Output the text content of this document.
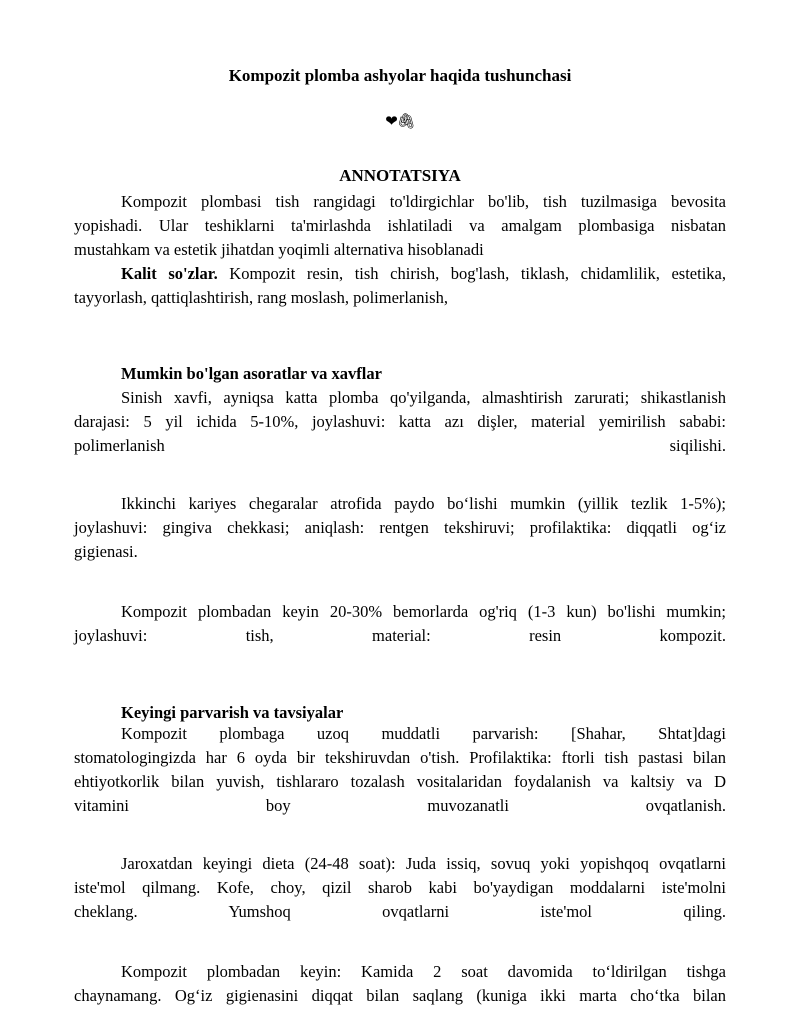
Kompozit plomba ashyolar haqida tushunchasi
❤🖇
ANNOTATSIYA
Kompozit plombasi tish rangidagi to'ldirgichlar bo'lib, tish tuzilmasiga bevosita
yopishadi. Ular teshiklarni ta'mirlashda ishlatiladi va amalgam plombasiga nisbatan
mustahkam va estetik jihatdan yoqimli alternativa hisoblanadi
Kalit so'zlar. Kompozit resin, tish chirish, bog'lash, tiklash, chidamlilik, estetika,
tayyorlash, qattiqlashtirish, rang moslash, polimerlanish,
Mumkin bo'lgan asoratlar va xavflar
Sinish xavfi, ayniqsa katta plomba qo'yilganda, almashtirish zarurati; shikastlanish
darajasi: 5 yil ichida 5-10%, joylashuvi: katta azı dişler, material yemirilish sababi:
polimerlanish siqilishi.
Ikkinchi kariyes chegaralar atrofida paydo bo‘lishi mumkin (yillik tezlik 1-5%);
joylashuvi: gingiva chekkasi; aniqlash: rentgen tekshiruvi; profilaktika: diqqatli og‘iz
gigienasi.
Kompozit plombadan keyin 20-30% bemorlarda og'riq (1-3 kun) bo'lishi mumkin;
joylashuvi: tish, material: resin kompozit.
Keyingi parvarish va tavsiyalar
Kompozit plombaga uzoq muddatli parvarish: [Shahar, Shtat]dagi
stomatologingizda har 6 oyda bir tekshiruvdan o'tish. Profilaktika: ftorli tish pastasi bilan
ehtiyotkorlik bilan yuvish, tishlararo tozalash vositalaridan foydalanish va kaltsiy va D
vitamini boy muvozanatli ovqatlanish.
Jaroxatdan keyingi dieta (24-48 soat): Juda issiq, sovuq yoki yopishqoq ovqatlarni
iste'mol qilmang. Kofe, choy, qizil sharob kabi bo'yaydigan moddalarni iste'molni
cheklang. Yumshoq ovqatlarni iste'mol qiling.
Kompozit plombadan keyin: Kamida 2 soat davomida to‘ldirilgan tishga
chaynamang. Og‘iz gigienasini diqqat bilan saqlang (kuniga ikki marta cho‘tka bilan
